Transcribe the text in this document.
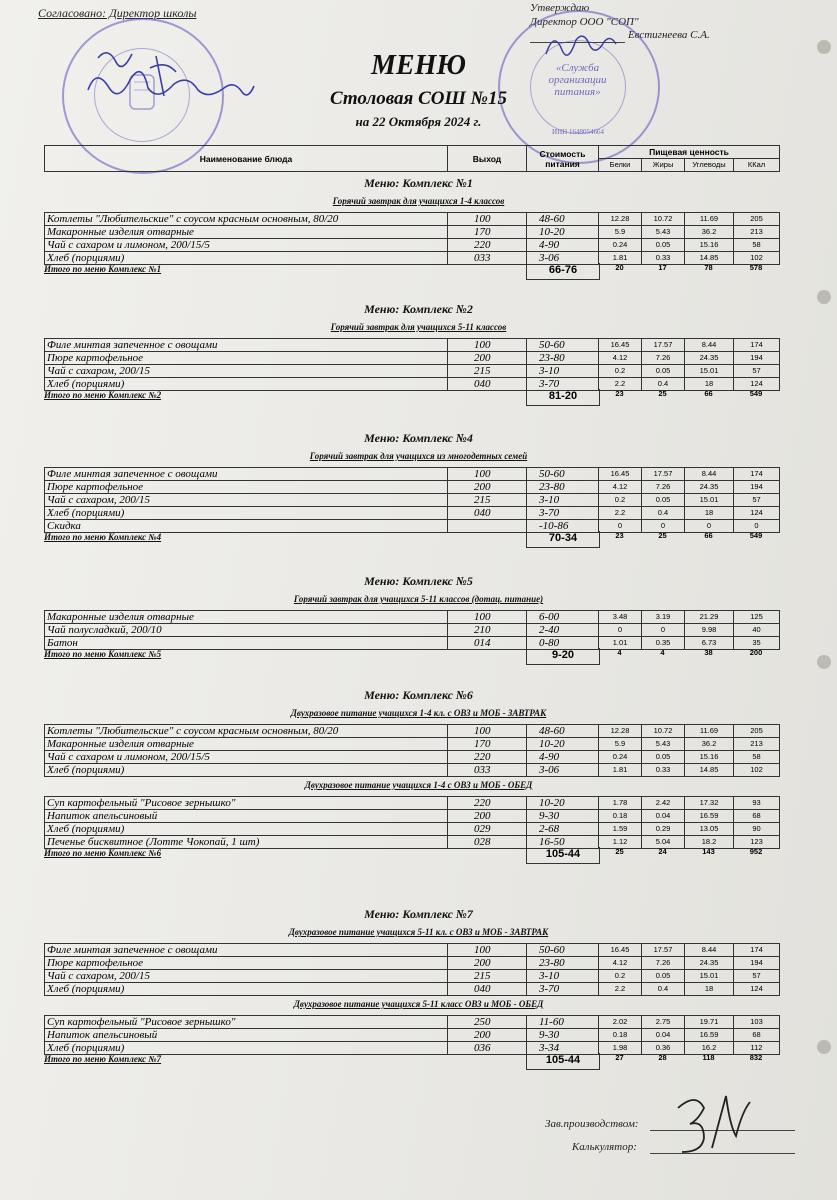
Согласовано: Директор школы	Утверждаю
Директор ООО "СОП"
Евстигнеева С.А.
«Служба организации питания»
ИНН 1648054664
МЕНЮ
Столовая СОШ №15
на 22 Октября 2024 г.
Наименование блюда	Выход	Стоимость питания	Пищевая ценность			
			Белки	Жиры	Углеводы	ККал
Меню: Комплекс №1
Горячий завтрак для учащихся 1-4 классов
Котлеты "Любительские" с соусом красным основным, 80/20	100	48-60	12.28	10.72	11.69	205
Макаронные изделия отварные	170	10-20	5.9	5.43	36.2	213
Чай с сахаром и лимоном, 200/15/5	220	4-90	0.24	0.05	15.16	58
Хлеб (порциями)	033	3-06	1.81	0.33	14.85	102
Итого по меню Комплекс №1	66-76	20	17	78	578
Меню: Комплекс №2
Горячий завтрак для учащихся 5-11 классов
Филе минтая запеченное с овощами	100	50-60	16.45	17.57	8.44	174
Пюре картофельное	200	23-80	4.12	7.26	24.35	194
Чай с сахаром, 200/15	215	3-10	0.2	0.05	15.01	57
Хлеб (порциями)	040	3-70	2.2	0.4	18	124
Итого по меню Комплекс №2	81-20	23	25	66	549
Меню: Комплекс №4
Горячий завтрак для учащихся из многодетных семей
Филе минтая запеченное с овощами	100	50-60	16.45	17.57	8.44	174
Пюре картофельное	200	23-80	4.12	7.26	24.35	194
Чай с сахаром, 200/15	215	3-10	0.2	0.05	15.01	57
Хлеб (порциями)	040	3-70	2.2	0.4	18	124
Скидка		-10-86	0	0	0	0
Итого по меню Комплекс №4	70-34	23	25	66	549
Меню: Комплекс №5
Горячий завтрак для учащихся 5-11 классов (дотац. питание)
Макаронные изделия отварные	100	6-00	3.48	3.19	21.29	125
Чай полусладкий, 200/10	210	2-40	0	0	9.98	40
Батон	014	0-80	1.01	0.35	6.73	35
Итого по меню Комплекс №5	9-20	4	4	38	200
Меню: Комплекс №6
Двухразовое питание учащихся 1-4 кл. с ОВЗ и МОБ - ЗАВТРАК
Котлеты "Любительские" с соусом красным основным, 80/20	100	48-60	12.28	10.72	11.69	205
Макаронные изделия отварные	170	10-20	5.9	5.43	36.2	213
Чай с сахаром и лимоном, 200/15/5	220	4-90	0.24	0.05	15.16	58
Хлеб (порциями)	033	3-06	1.81	0.33	14.85	102
Двухразовое питание учащихся 1-4 с ОВЗ и МОБ - ОБЕД
Суп картофельный "Рисовое зернышко"	220	10-20	1.78	2.42	17.32	93
Напиток апельсиновый	200	9-30	0.18	0.04	16.59	68
Хлеб (порциями)	029	2-68	1.59	0.29	13.05	90
Печенье бисквитное (Лотте Чокопай, 1 шт)	028	16-50	1.12	5.04	18.2	123
Итого по меню Комплекс №6	105-44	25	24	143	952
Меню: Комплекс №7
Двухразовое питание учащихся 5-11 кл. с ОВЗ и МОБ - ЗАВТРАК
Филе минтая запеченное с овощами	100	50-60	16.45	17.57	8.44	174
Пюре картофельное	200	23-80	4.12	7.26	24.35	194
Чай с сахаром, 200/15	215	3-10	0.2	0.05	15.01	57
Хлеб (порциями)	040	3-70	2.2	0.4	18	124
Двухразовое питание учащихся 5-11 класс ОВЗ и МОБ - ОБЕД
Суп картофельный "Рисовое зернышко"	250	11-60	2.02	2.75	19.71	103
Напиток апельсиновый	200	9-30	0.18	0.04	16.59	68
Хлеб (порциями)	036	3-34	1.98	0.36	16.2	112
Итого по меню Комплекс №7	105-44	27	28	118	832
Зав.производством:
Калькулятор:
